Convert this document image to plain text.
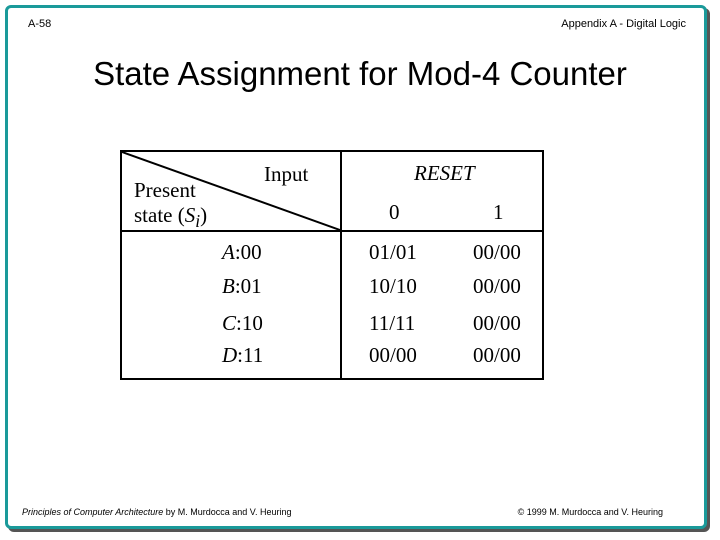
A-58	Appendix A - Digital Logic
State Assignment for Mod-4 Counter
Input
Present
state $(S_i)$
RESET
0	1
A:00	01/01	00/00
B:01	10/10	00/00
C:10	11/11	00/00
D:11	00/00	00/00
Principles of Computer Architecture by M. Murdocca and V. Heuring	© 1999 M. Murdocca and V. Heuring
